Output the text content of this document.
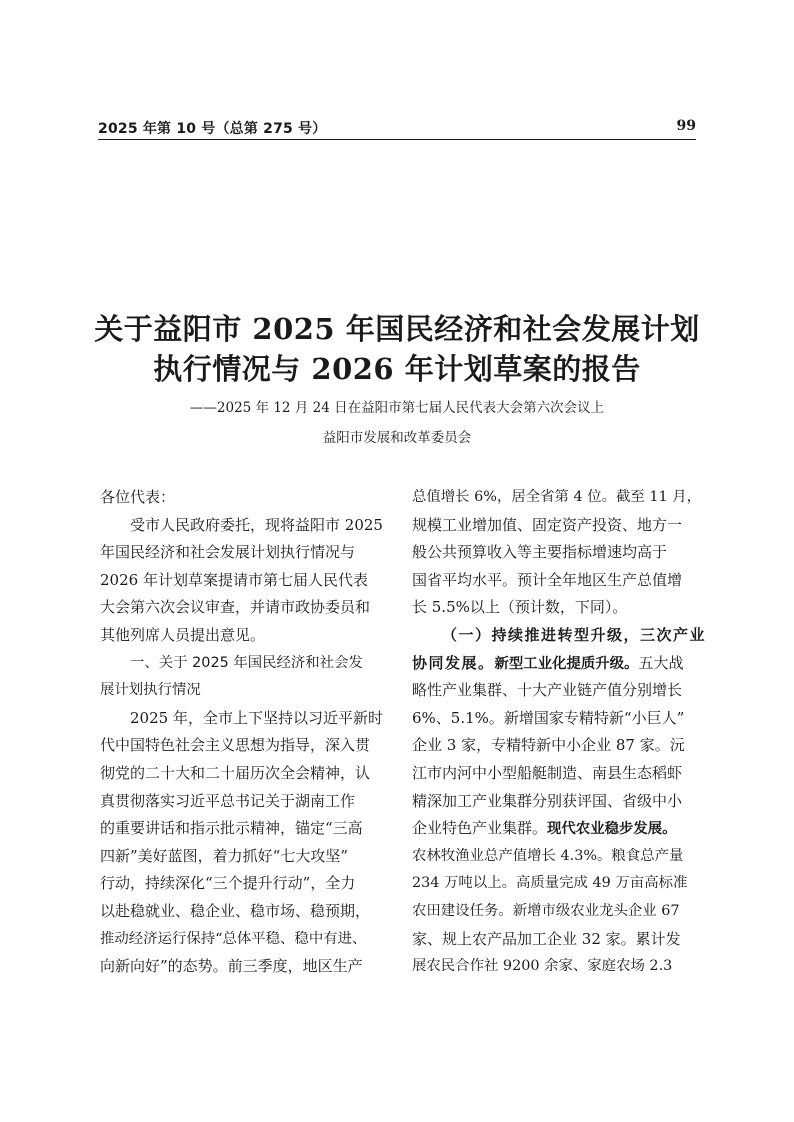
2025 年第 10 号（总第 275 号）	99
关于益阳市 2025 年国民经济和社会发展计划
执行情况与 2026 年计划草案的报告
——2025 年 12 月 24 日在益阳市第七届人民代表大会第六次会议上
益阳市发展和改革委员会
各位代表：
受市人民政府委托，现将益阳市 2025
年国民经济和社会发展计划执行情况与
2026 年计划草案提请市第七届人民代表
大会第六次会议审查，并请市政协委员和
其他列席人员提出意见。
一、关于 2025 年国民经济和社会发
展计划执行情况
2025 年，全市上下坚持以习近平新时
代中国特色社会主义思想为指导，深入贯
彻党的二十大和二十届历次全会精神，认
真贯彻落实习近平总书记关于湖南工作
的重要讲话和指示批示精神，锚定“三高
四新”美好蓝图，着力抓好“七大攻坚”
行动，持续深化“三个提升行动”，全力
以赴稳就业、稳企业、稳市场、稳预期，
推动经济运行保持“总体平稳、稳中有进、
向新向好”的态势。前三季度，地区生产
总值增长 6%，居全省第 4 位。截至 11 月，
规模工业增加值、固定资产投资、地方一
般公共预算收入等主要指标增速均高于
国省平均水平。预计全年地区生产总值增
长 5.5%以上（预计数，下同）。
（一）持续推进转型升级，三次产业
协同发展。新型工业化提质升级。五大战
略性产业集群、十大产业链产值分别增长
6%、5.1%。新增国家专精特新“小巨人”
企业 3 家，专精特新中小企业 87 家。沅
江市内河中小型船艇制造、南县生态稻虾
精深加工产业集群分别获评国、省级中小
企业特色产业集群。现代农业稳步发展。
农林牧渔业总产值增长 4.3%。粮食总产量
234 万吨以上。高质量完成 49 万亩高标准
农田建设任务。新增市级农业龙头企业 67
家、规上农产品加工企业 32 家。累计发
展农民合作社 9200 余家、家庭农场 2.3
